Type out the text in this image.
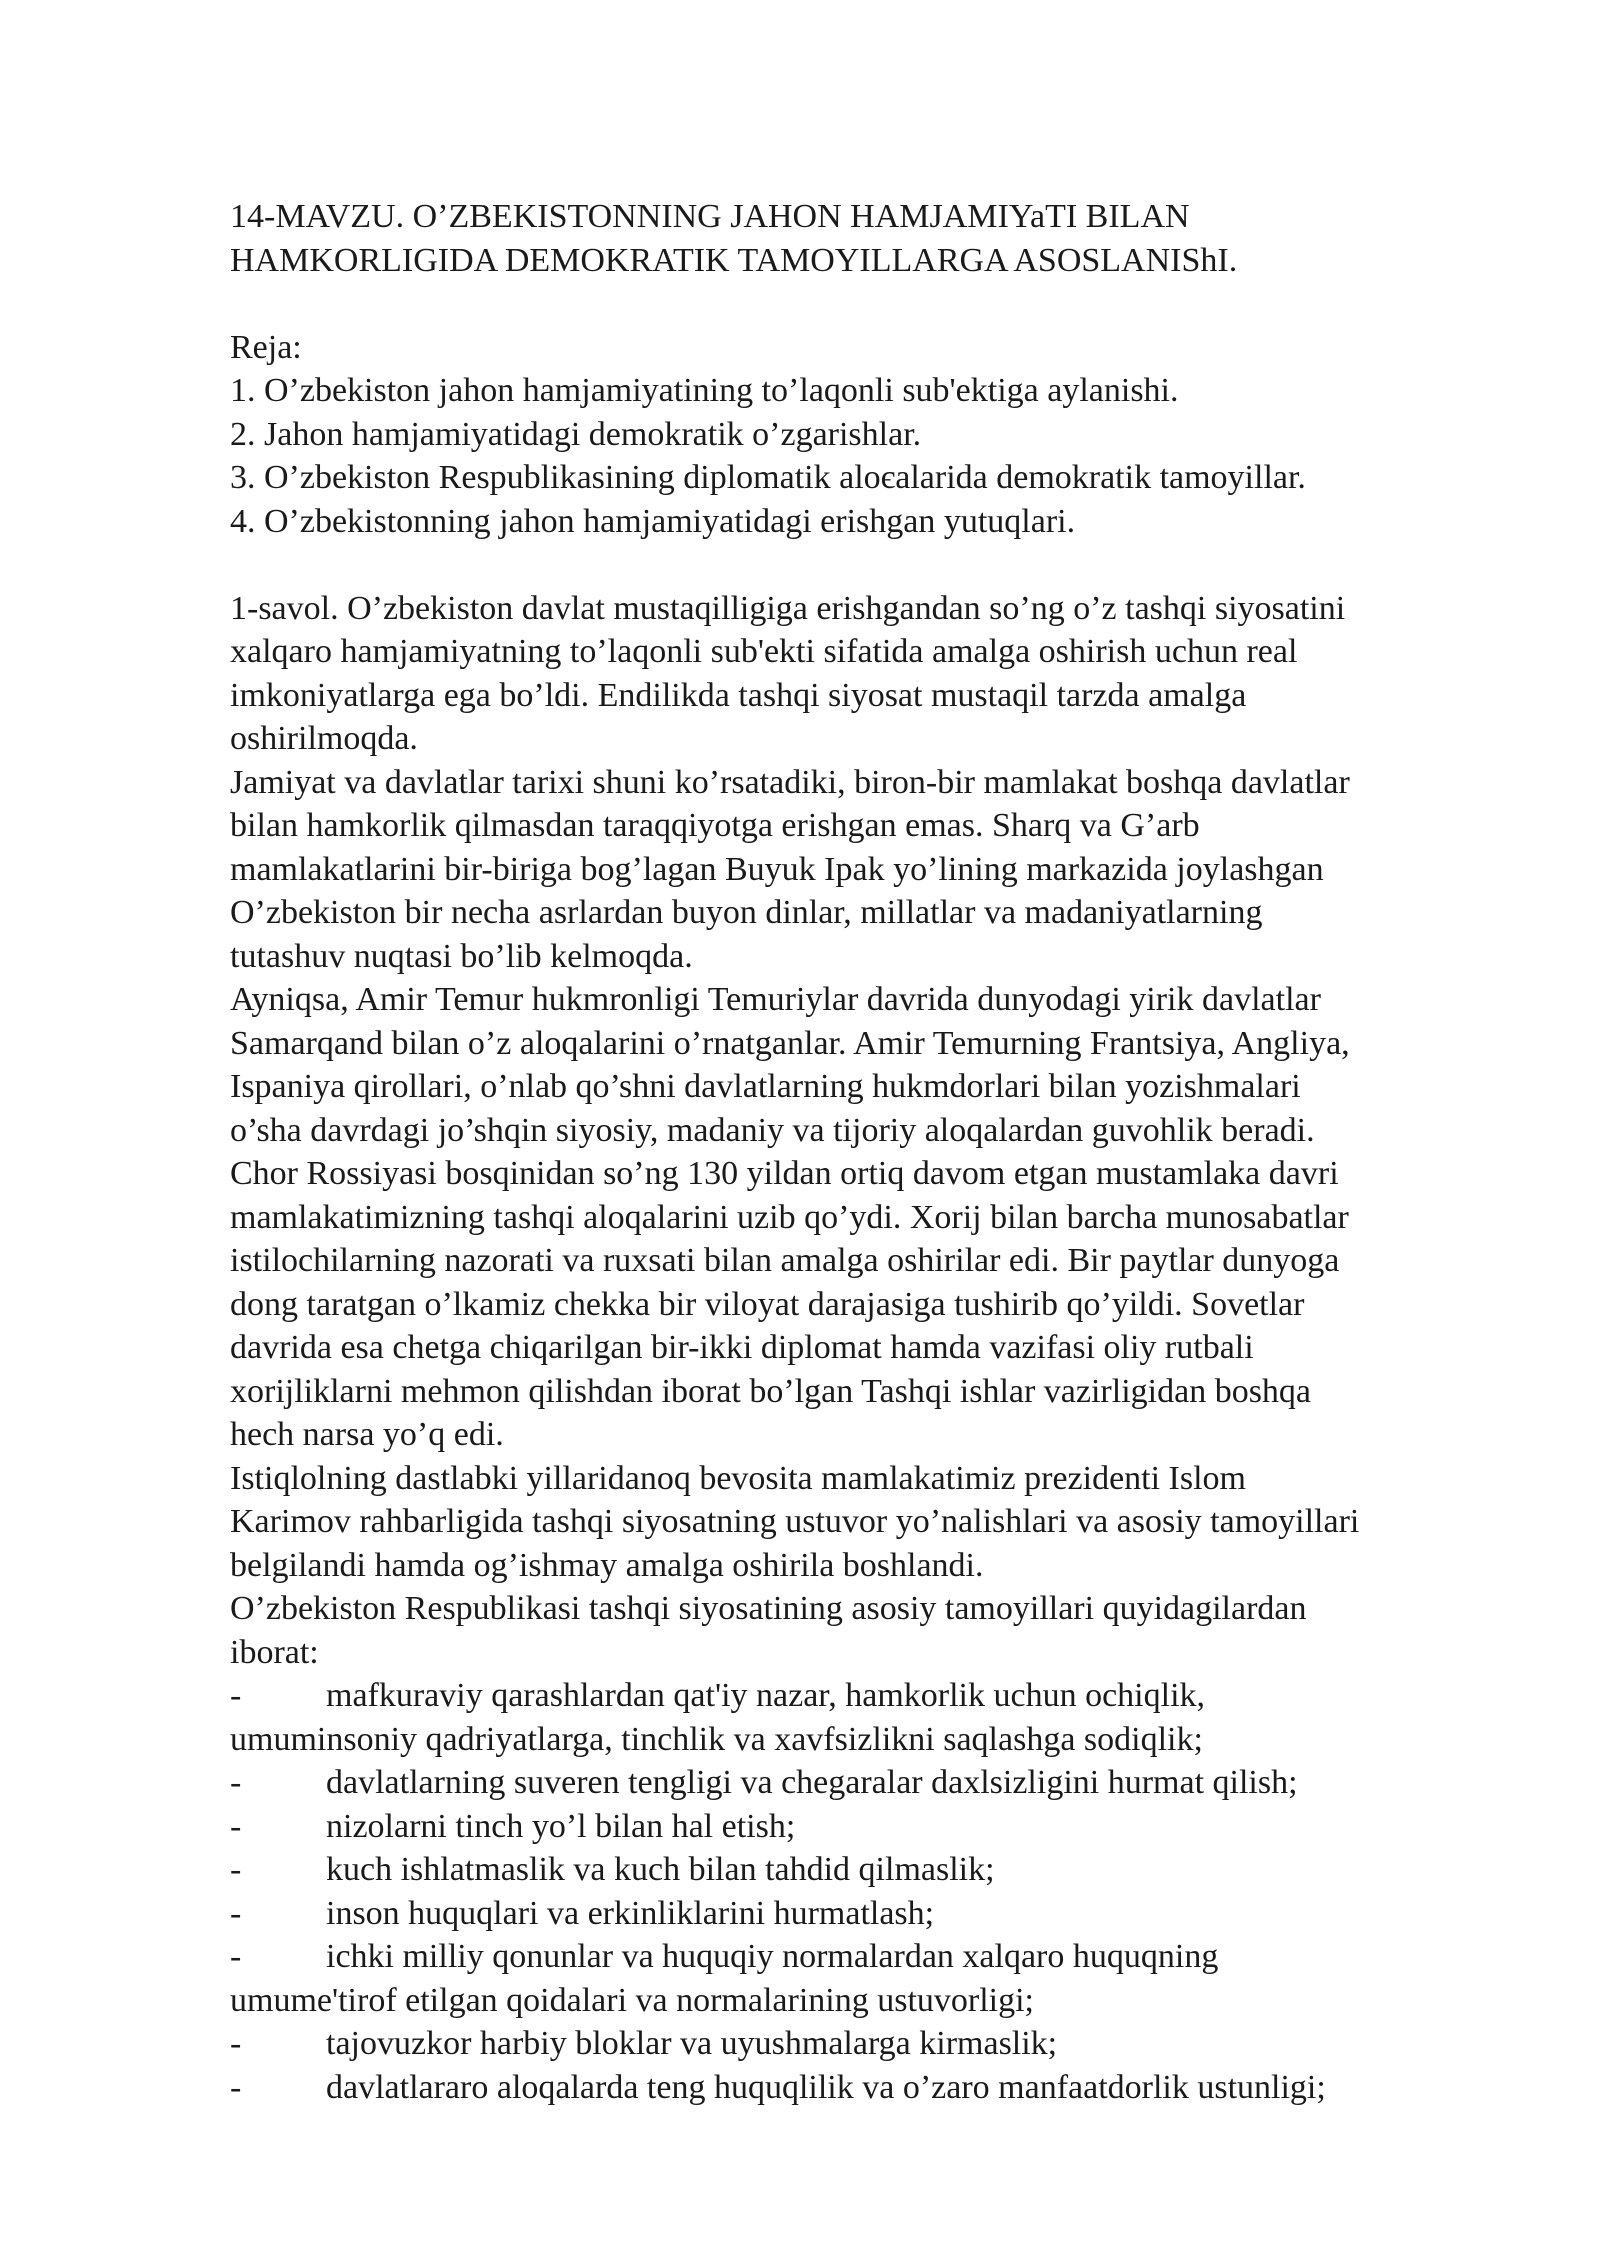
14-MAVZU. O’ZBEKISTONNING JAHON HAMJAMIYaTI BILAN
HAMKORLIGIDA DEMOKRATIK TAMOYILLARGA ASOSLANIShI.
Reja:
1. O’zbekiston jahon hamjamiyatining to’laqonli sub'ektiga aylanishi.
2. Jahon hamjamiyatidagi demokratik o’zgarishlar.
3. O’zbekiston Respublikasining diplomatik aloєalarida demokratik tamoyillar.
4. O’zbekistonning jahon hamjamiyatidagi erishgan yutuqlari.
1-savol. O’zbekiston davlat mustaqilligiga erishgandan so’ng o’z tashqi siyosatini
xalqaro hamjamiyatning to’laqonli sub'ekti sifatida amalga oshirish uchun real
imkoniyatlarga ega bo’ldi. Endilikda tashqi siyosat mustaqil tarzda amalga
oshirilmoqda.
Jamiyat va davlatlar tarixi shuni ko’rsatadiki, biron-bir mamlakat boshqa davlatlar
bilan hamkorlik qilmasdan taraqqiyotga erishgan emas. Sharq va G’arb
mamlakatlarini bir-biriga bog’lagan Buyuk Ipak yo’lining markazida joylashgan
O’zbekiston bir necha asrlardan buyon dinlar, millatlar va madaniyatlarning
tutashuv nuqtasi bo’lib kelmoqda.
Ayniqsa, Amir Temur hukmronligi Temuriylar davrida dunyodagi yirik davlatlar
Samarqand bilan o’z aloqalarini o’rnatganlar. Amir Temurning Frantsiya, Angliya,
Ispaniya qirollari, o’nlab qo’shni davlatlarning hukmdorlari bilan yozishmalari
o’sha davrdagi jo’shqin siyosiy, madaniy va tijoriy aloqalardan guvohlik beradi.
Chor Rossiyasi bosqinidan so’ng 130 yildan ortiq davom etgan mustamlaka davri
mamlakatimizning tashqi aloqalarini uzib qo’ydi. Xorij bilan barcha munosabatlar
istilochilarning nazorati va ruxsati bilan amalga oshirilar edi. Bir paytlar dunyoga
dong taratgan o’lkamiz chekka bir viloyat darajasiga tushirib qo’yildi. Sovetlar
davrida esa chetga chiqarilgan bir-ikki diplomat hamda vazifasi oliy rutbali
xorijliklarni mehmon qilishdan iborat bo’lgan Tashqi ishlar vazirligidan boshqa
hech narsa yo’q edi.
Istiqlolning dastlabki yillaridanoq bevosita mamlakatimiz prezidenti Islom
Karimov rahbarligida tashqi siyosatning ustuvor yo’nalishlari va asosiy tamoyillari
belgilandi hamda og’ishmay amalga oshirila boshlandi.
O’zbekiston Respublikasi tashqi siyosatining asosiy tamoyillari quyidagilardan
iborat:
- mafkuraviy qarashlardan qat'iy nazar, hamkorlik uchun ochiqlik,
umuminsoniy qadriyatlarga, tinchlik va xavfsizlikni saqlashga sodiqlik;
- davlatlarning suveren tengligi va chegaralar daxlsizligini hurmat qilish;
- nizolarni tinch yo’l bilan hal etish;
- kuch ishlatmaslik va kuch bilan tahdid qilmaslik;
- inson huquqlari va erkinliklarini hurmatlash;
- ichki milliy qonunlar va huquqiy normalardan xalqaro huquqning
umume'tirof etilgan qoidalari va normalarining ustuvorligi;
- tajovuzkor harbiy bloklar va uyushmalarga kirmaslik;
- davlatlararo aloqalarda teng huquqlilik va o’zaro manfaatdorlik ustunligi;
